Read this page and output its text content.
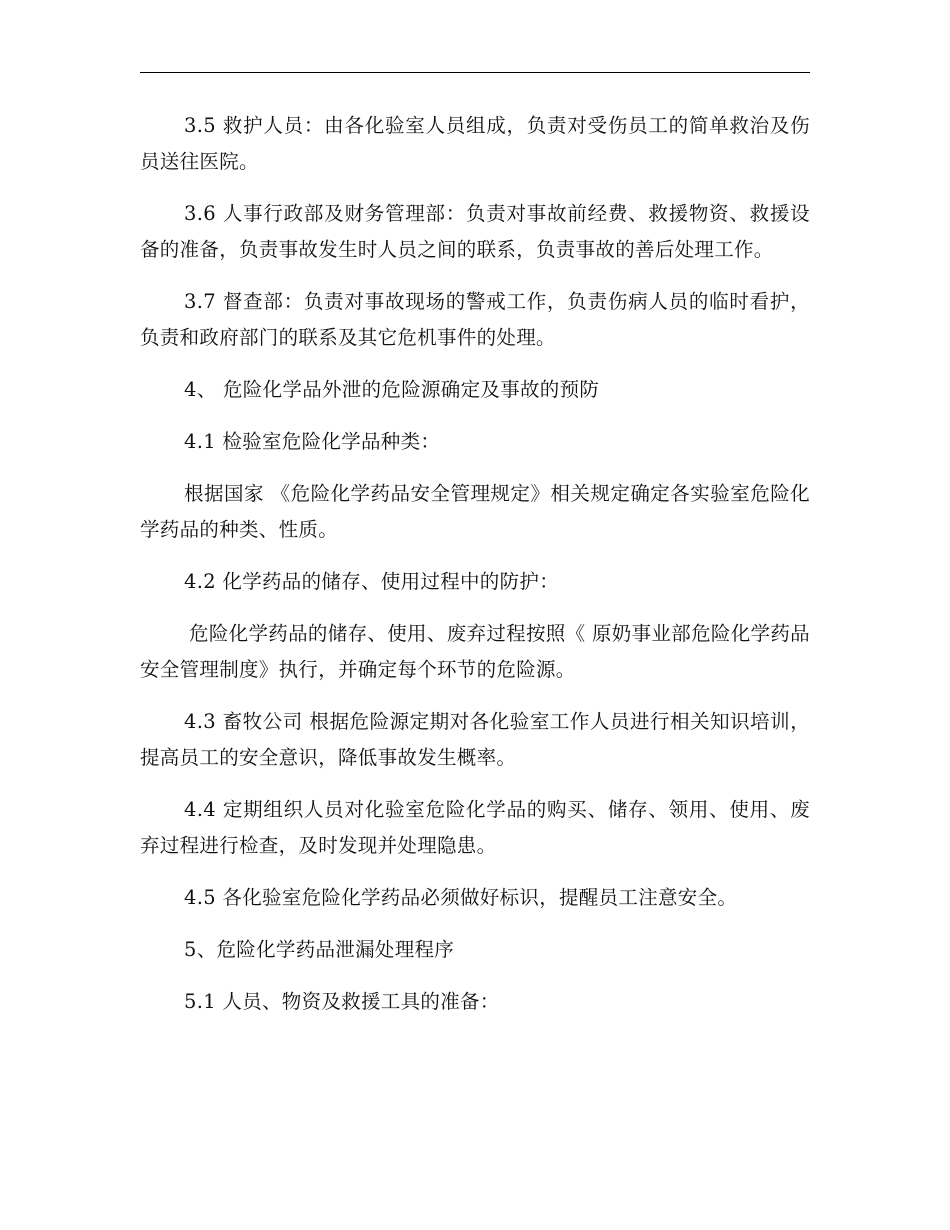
3.5 救护人员：由各化验室人员组成，负责对受伤员工的简单救治及伤员送往医院。

3.6 人事行政部及财务管理部：负责对事故前经费、救援物资、救援设备的准备，负责事故发生时人员之间的联系，负责事故的善后处理工作。

3.7 督查部：负责对事故现场的警戒工作，负责伤病人员的临时看护，负责和政府部门的联系及其它危机事件的处理。

4、 危险化学品外泄的危险源确定及事故的预防

4.1 检验室危险化学品种类：

根据国家 《危险化学药品安全管理规定》相关规定确定各实验室危险化学药品的种类、性质。

4.2 化学药品的储存、使用过程中的防护：

危险化学药品的储存、使用、废弃过程按照《 原奶事业部危险化学药品安全管理制度》执行，并确定每个环节的危险源。

4.3 畜牧公司 根据危险源定期对各化验室工作人员进行相关知识培训，提高员工的安全意识，降低事故发生概率。

4.4 定期组织人员对化验室危险化学品的购买、储存、领用、使用、废弃过程进行检查，及时发现并处理隐患。

4.5 各化验室危险化学药品必须做好标识，提醒员工注意安全。

5、危险化学药品泄漏处理程序

5.1 人员、物资及救援工具的准备：
